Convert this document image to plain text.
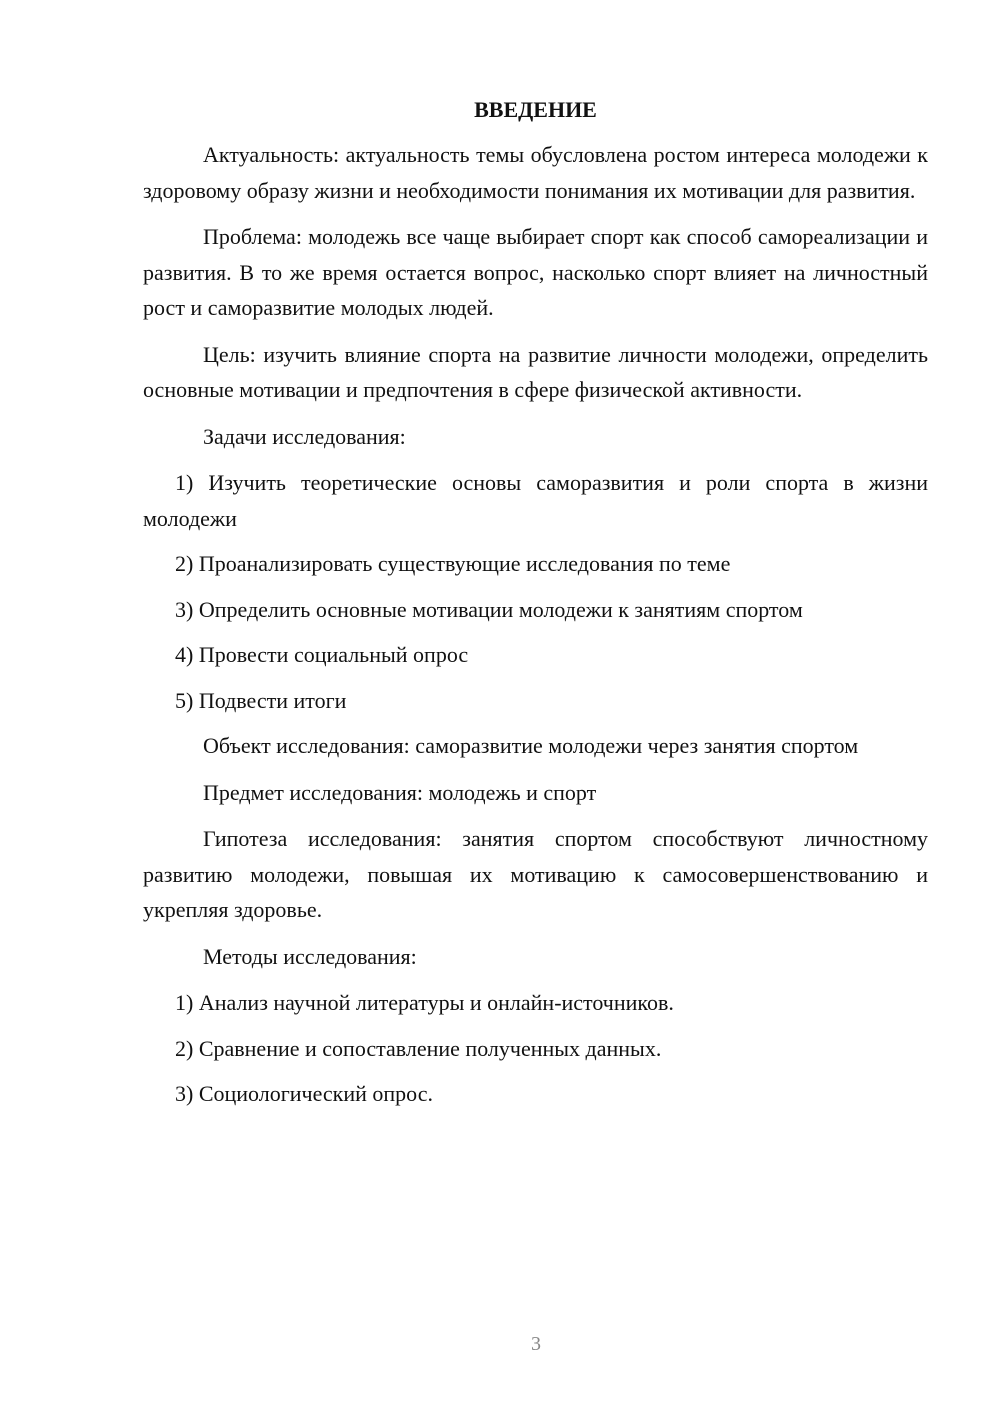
ВВЕДЕНИЕ

Актуальность: актуальность темы обусловлена ростом интереса молодежи к здоровому образу жизни и необходимости понимания их мотивации для развития.

Проблема: молодежь все чаще выбирает спорт как способ самореализации и развития. В то же время остается вопрос, насколько спорт влияет на личностный рост и саморазвитие молодых людей.

Цель: изучить влияние спорта на развитие личности молодежи, определить основные мотивации и предпочтения в сфере физической активности.

Задачи исследования:

1) Изучить теоретические основы саморазвития и роли спорта в жизни молодежи

2) Проанализировать существующие исследования по теме

3) Определить основные мотивации молодежи к занятиям спортом

4) Провести социальный опрос

5) Подвести итоги

Объект исследования: саморазвитие молодежи через занятия спортом

Предмет исследования: молодежь и спорт

Гипотеза исследования: занятия спортом способствуют личностному развитию молодежи, повышая их мотивацию к самосовершенствованию и укрепляя здоровье.

Методы исследования:

1) Анализ научной литературы и онлайн-источников.

2) Сравнение и сопоставление полученных данных.

3) Социологический опрос.

3
